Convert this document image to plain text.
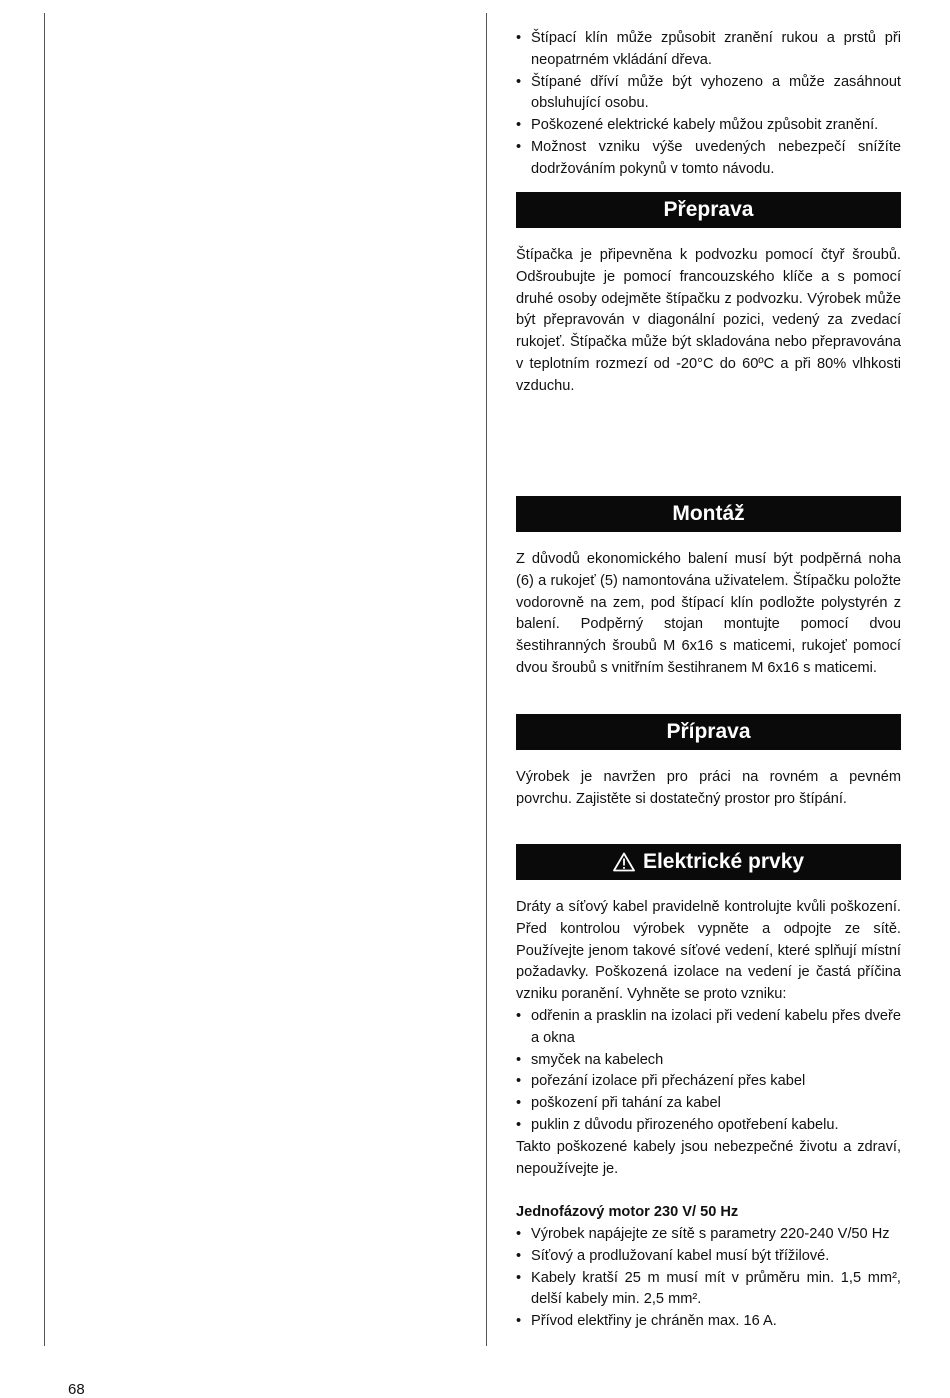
• Štípací klín může způsobit zranění rukou a prstů při neopatrném vkládání dřeva.
• Štípané dříví může být vyhozeno a může zasáhnout obsluhující osobu.
• Poškozené elektrické kabely můžou způsobit zranění.
• Možnost vzniku výše uvedených nebezpečí snížíte dodržováním pokynů v tomto návodu.
Přeprava

Štípačka je připevněna k podvozku pomocí čtyř šroubů. Odšroubujte je pomocí francouzského klíče a s pomocí druhé osoby odejměte štípačku z podvozku. Výrobek může být přepravován v diagonální pozici, vedený za zvedací rukojeť. Štípačka může být skladována nebo přepravována v teplotním rozmezí od -20°C do 60ºC a při 80% vlhkosti vzduchu.

Montáž

Z důvodů ekonomického balení musí být podpěrná noha (6) a rukojeť (5) namontována uživatelem. Štípačku položte vodorovně na zem, pod štípací klín podložte polystyrén z balení. Podpěrný stojan montujte pomocí dvou šestihranných šroubů M 6x16 s maticemi, rukojeť pomocí dvou šroubů s vnitřním šestihranem M 6x16 s maticemi.

Příprava

Výrobek je navržen pro práci na rovném a pevném povrchu. Zajistěte si dostatečný prostor pro štípání.

Elektrické prvky

Dráty a síťový kabel pravidelně kontrolujte kvůli poškození. Před kontrolou výrobek vypněte a odpojte ze sítě. Používejte jenom takové síťové vedení, které splňují místní požadavky. Poškozená izolace na vedení je častá příčina vzniku poranění. Vyhněte se proto vzniku:

• odřenin a prasklin na izolaci při vedení kabelu přes dveře a okna
• smyček na kabelech
• pořezání izolace při přecházení přes kabel
• poškození při tahání za kabel
• puklin z důvodu přirozeného opotřebení kabelu.

Takto poškozené kabely jsou nebezpečné životu a zdraví, nepoužívejte je.

Jednofázový motor 230 V/ 50 Hz

• Výrobek napájejte ze sítě s parametry 220-240 V/50 Hz
• Síťový a prodlužovaní kabel musí být třížilové.
• Kabely kratší 25 m musí mít v průměru min. 1,5 mm², delší kabely min. 2,5 mm².
• Přívod elektřiny je chráněn max. 16 A.
68
